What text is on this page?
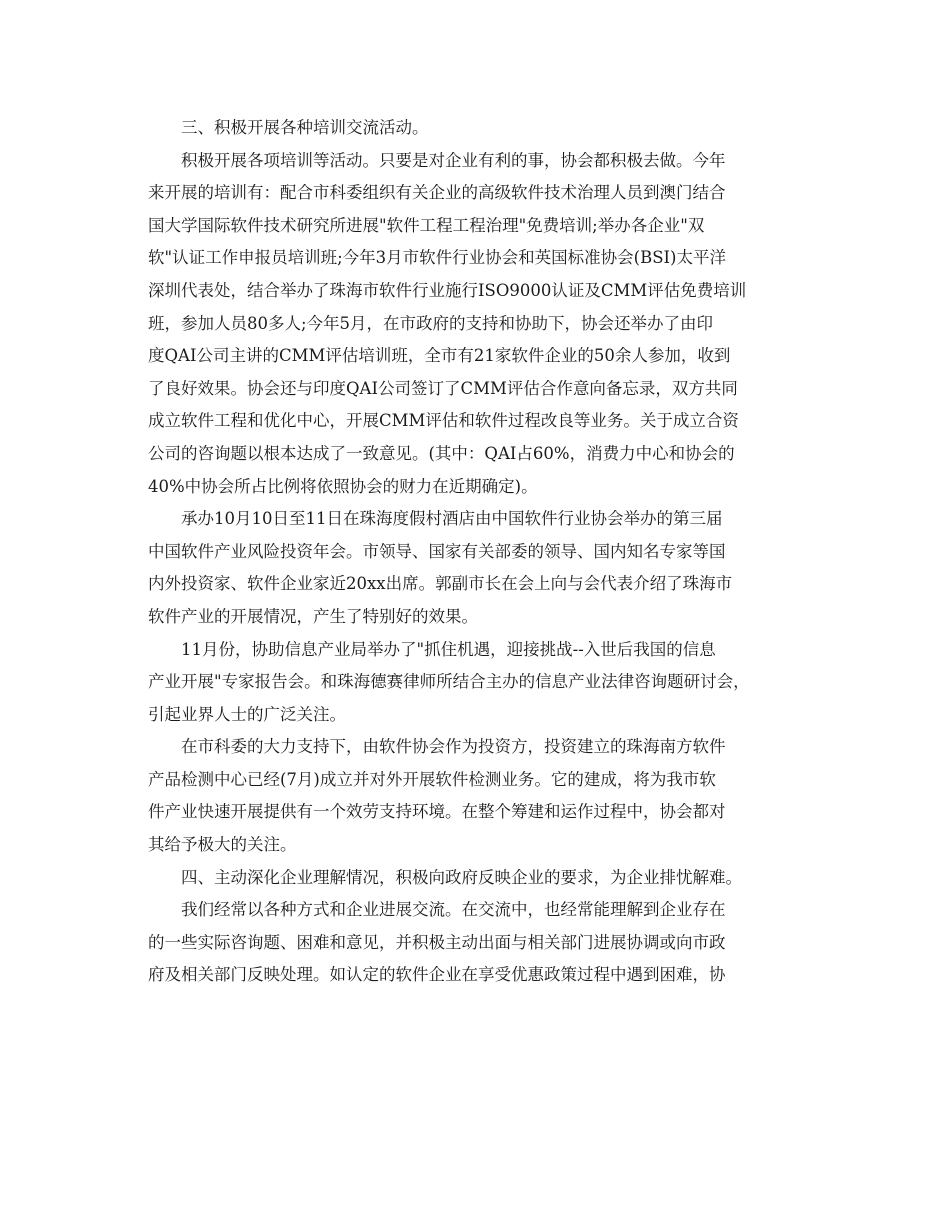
三、积极开展各种培训交流活动。
积极开展各项培训等活动。只要是对企业有利的事，协会都积极去做。今年
来开展的培训有：配合市科委组织有关企业的高级软件技术治理人员到澳门结合
国大学国际软件技术研究所进展"软件工程工程治理"免费培训;举办各企业"双
软"认证工作申报员培训班;今年3月市软件行业协会和英国标准协会(BSI)太平洋
深圳代表处，结合举办了珠海市软件行业施行ISO9000认证及CMM评估免费培训
班，参加人员80多人;今年5月，在市政府的支持和协助下，协会还举办了由印
度QAI公司主讲的CMM评估培训班，全市有21家软件企业的50余人参加，收到
了良好效果。协会还与印度QAI公司签订了CMM评估合作意向备忘录，双方共同
成立软件工程和优化中心，开展CMM评估和软件过程改良等业务。关于成立合资
公司的咨询题以根本达成了一致意见。(其中：QAI占60%，消费力中心和协会的
40%中协会所占比例将依照协会的财力在近期确定)。
承办10月10日至11日在珠海度假村酒店由中国软件行业协会举办的第三届
中国软件产业风险投资年会。市领导、国家有关部委的领导、国内知名专家等国
内外投资家、软件企业家近20xx出席。郭副市长在会上向与会代表介绍了珠海市
软件产业的开展情况，产生了特别好的效果。
11月份，协助信息产业局举办了"抓住机遇，迎接挑战--入世后我国的信息
产业开展"专家报告会。和珠海德赛律师所结合主办的信息产业法律咨询题研讨会，
引起业界人士的广泛关注。
在市科委的大力支持下，由软件协会作为投资方，投资建立的珠海南方软件
产品检测中心已经(7月)成立并对外开展软件检测业务。它的建成，将为我市软
件产业快速开展提供有一个效劳支持环境。在整个筹建和运作过程中，协会都对
其给予极大的关注。
四、主动深化企业理解情况，积极向政府反映企业的要求，为企业排忧解难。
我们经常以各种方式和企业进展交流。在交流中，也经常能理解到企业存在
的一些实际咨询题、困难和意见，并积极主动出面与相关部门进展协调或向市政
府及相关部门反映处理。如认定的软件企业在享受优惠政策过程中遇到困难，协
